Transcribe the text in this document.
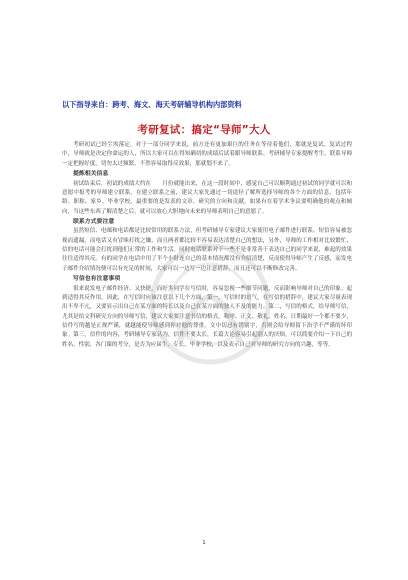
以下指导来自：跨考、海文、海天考研辅导机构内部资料
考研复试：搞定“导师”大人

考研初试已经尘埃落定，对于一部分同学来说，前方还有更加艰巨的任务在等待着他们，那就是复试。复试过程中，导师就是决定你命运的人，所以大家可以在得知确切的成绩后试着跟导师联系。考研辅导专家提醒考生，联系导师一定把握好度，切勿太过频繁，不然容易取得反效果，那就划不来了。

提炼相关信息

初试结束后，初试的成绩大约在　　月份就能出来，在这一段时间中，感觉自己可以顺利通过初试的同学就可以和意愿中报考的导师建立联系，在建立联系之前，建议大家先通过一切途径了解所选择导师的各个方面的信息，包括年龄、职称、家乡、毕业学校，最重要的是发表的文章、研究的方向和贡献，如果有在着学术争议要明确他的观点和倾向，当这些东西了解清楚之后，就可以放心大胆地向未来的导师表明自己的意愿了。

联系方式要注意

虽然短信、电邮和电话都是比较常用的联系方法，但考研辅导专家建议大家使用电子邮件进行联系。短信容易被忽视而遗漏，而电话又有冒昧打扰之嫌，而且两者都比较不容易表达清楚自己的想法，另外，导师的工作相对比较繁忙，信的电话可能会打扰到他们正常的工作和生活。同时电话联系对于一些不是非常善于表达自己的同学来说，难起的效果往往适得其反。有的同学在电话中用了半个小时连自己的基本情况都没有介绍清楚，反而使得导师产生了反感，而发电子邮件介绍情况便可以有充足的时间，大家可以一边写一边注意措辞，而且还可以不断修改完善。

写信也有注意事项

很来说发电子邮件经济、又快捷，而好多同学在写信时，容易忽视一些细节问题，反而影响导师对自己的印象。起到适得其反作用。因此，在写信时应该注意以下几个方面，第一，写信时的语气，在写信的措辞中，建议大家尽量表现出不卑不亢，又要显示出自己在某方面的特长以及自己在某方面的独人不及的能力。第二，写信的格式，给导师写信，尤其是给文科研究方向的导师写信，建议大家要注意书信的格式，称呼、正文、敬礼、姓名、日期最好一个都不要少，信件写的越是正规严谨，就越能使导师感到你对他的尊重。文中切忌有错别字，否则会给导师留下治学不严谨的坏印象。第三，信件的内容，考研辅导专家认为，信件不要太长，长篇大论容易引起别人的厌烦，可以简要介绍一下自己的姓名、性别，各门课的考分，是否为应届生、专长、毕业学校，以及表示自己对导师的研究方向的兴趣，等等。

1
